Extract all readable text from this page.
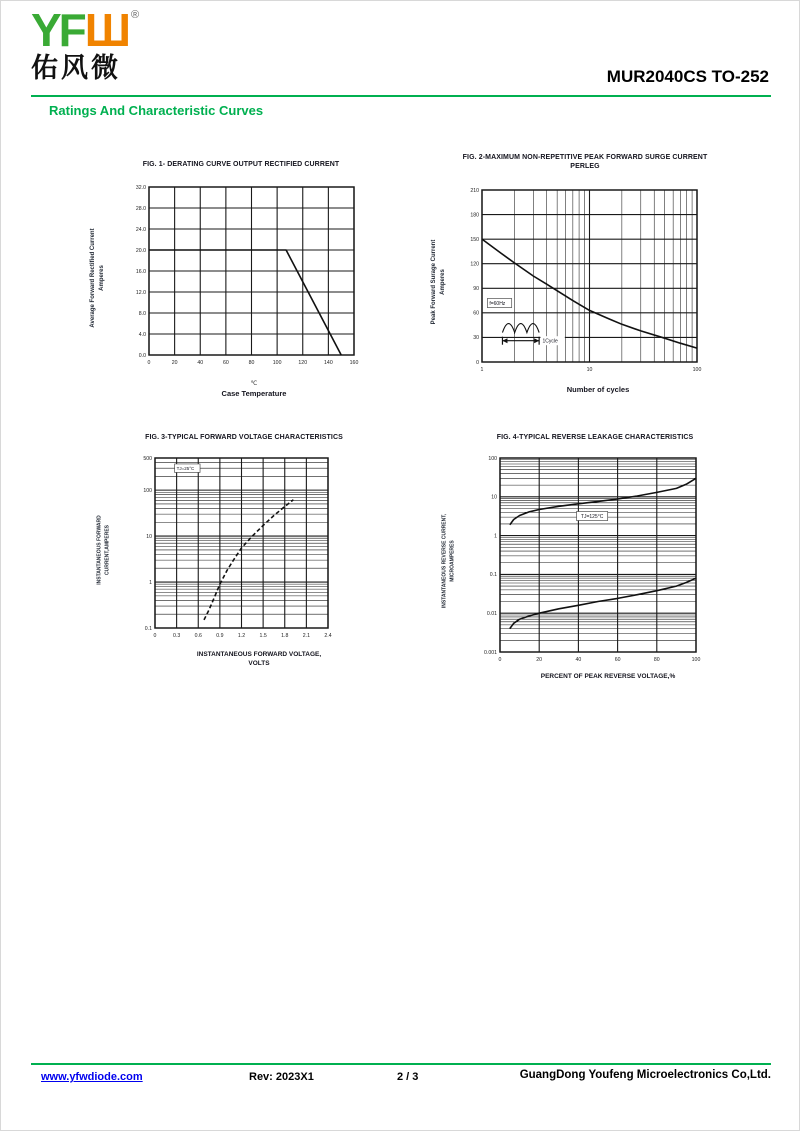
YFШ®
佑风微	MUR2040CS TO-252
Ratings And Characteristic Curves
FIG. 1- DERATING CURVE OUTPUT RECTIFIED CURRENT
Average Forward Rectified Current Amperes
0.0
4.0
8.0
12.0
16.0
20.0
24.0
28.0
32.0
0	20	40	60	80	100	120	140	160
℃
Case Temperature
FIG. 2-MAXIMUM NON-REPETITIVE PEAK FORWARD SURGE CURRENT PERLEG
Peak Forward Surage Current Amperes
f=60Hz
1Cycle
0
30
60
90
120
150
180
210
1	10	100
Number of cycles
FIG. 3-TYPICAL FORWARD VOLTAGE CHARACTERISTICS
INSTANTANEOUS FORWARD CURRENT,AMPERES
TJ=25°C
0.1
1
10
100
500
0	0.3	0.6	0.9	1.2	1.5	1.8	2.1	2.4
INSTANTANEOUS FORWARD VOLTAGE,
VOLTS
FIG. 4-TYPICAL REVERSE LEAKAGE CHARACTERISTICS
INSTANTANEOUS REVERSE CURRENT, MICROAMPERES
TJ=125°C
0.001
0.01
0.1
1
10
100
0	20	40	60	80	100
PERCENT OF PEAK REVERSE VOLTAGE,%
www.yfwdiode.com	Rev: 2023X1	2 / 3	GuangDong Youfeng Microelectronics Co,Ltd.
